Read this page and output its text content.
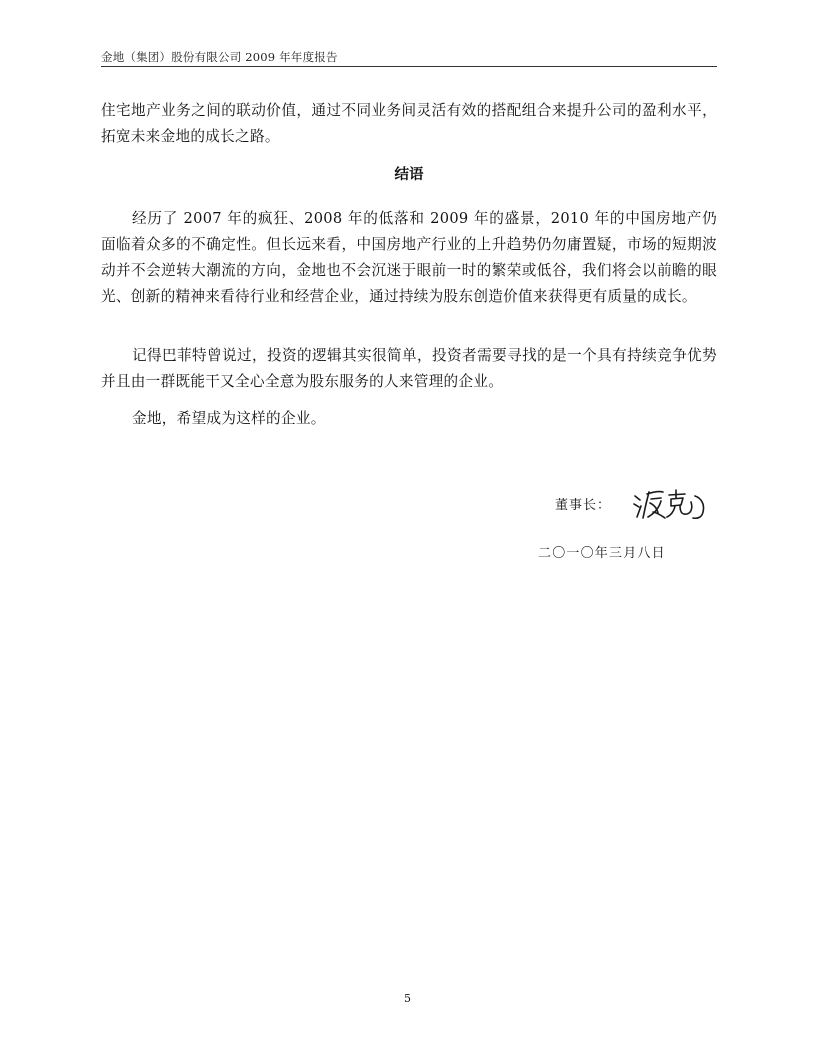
金地（集团）股份有限公司 2009 年年度报告

住宅地产业务之间的联动价值，通过不同业务间灵活有效的搭配组合来提升公司的盈利水平，拓宽未来金地的成长之路。

结语

经历了 2007 年的疯狂、2008 年的低落和 2009 年的盛景，2010 年的中国房地产仍面临着众多的不确定性。但长远来看，中国房地产行业的上升趋势仍勿庸置疑，市场的短期波动并不会逆转大潮流的方向，金地也不会沉迷于眼前一时的繁荣或低谷，我们将会以前瞻的眼光、创新的精神来看待行业和经营企业，通过持续为股东创造价值来获得更有质量的成长。

记得巴菲特曾说过，投资的逻辑其实很简单，投资者需要寻找的是一个具有持续竞争优势并且由一群既能干又全心全意为股东服务的人来管理的企业。

金地，希望成为这样的企业。

董事长：
二〇一〇年三月八日
5
